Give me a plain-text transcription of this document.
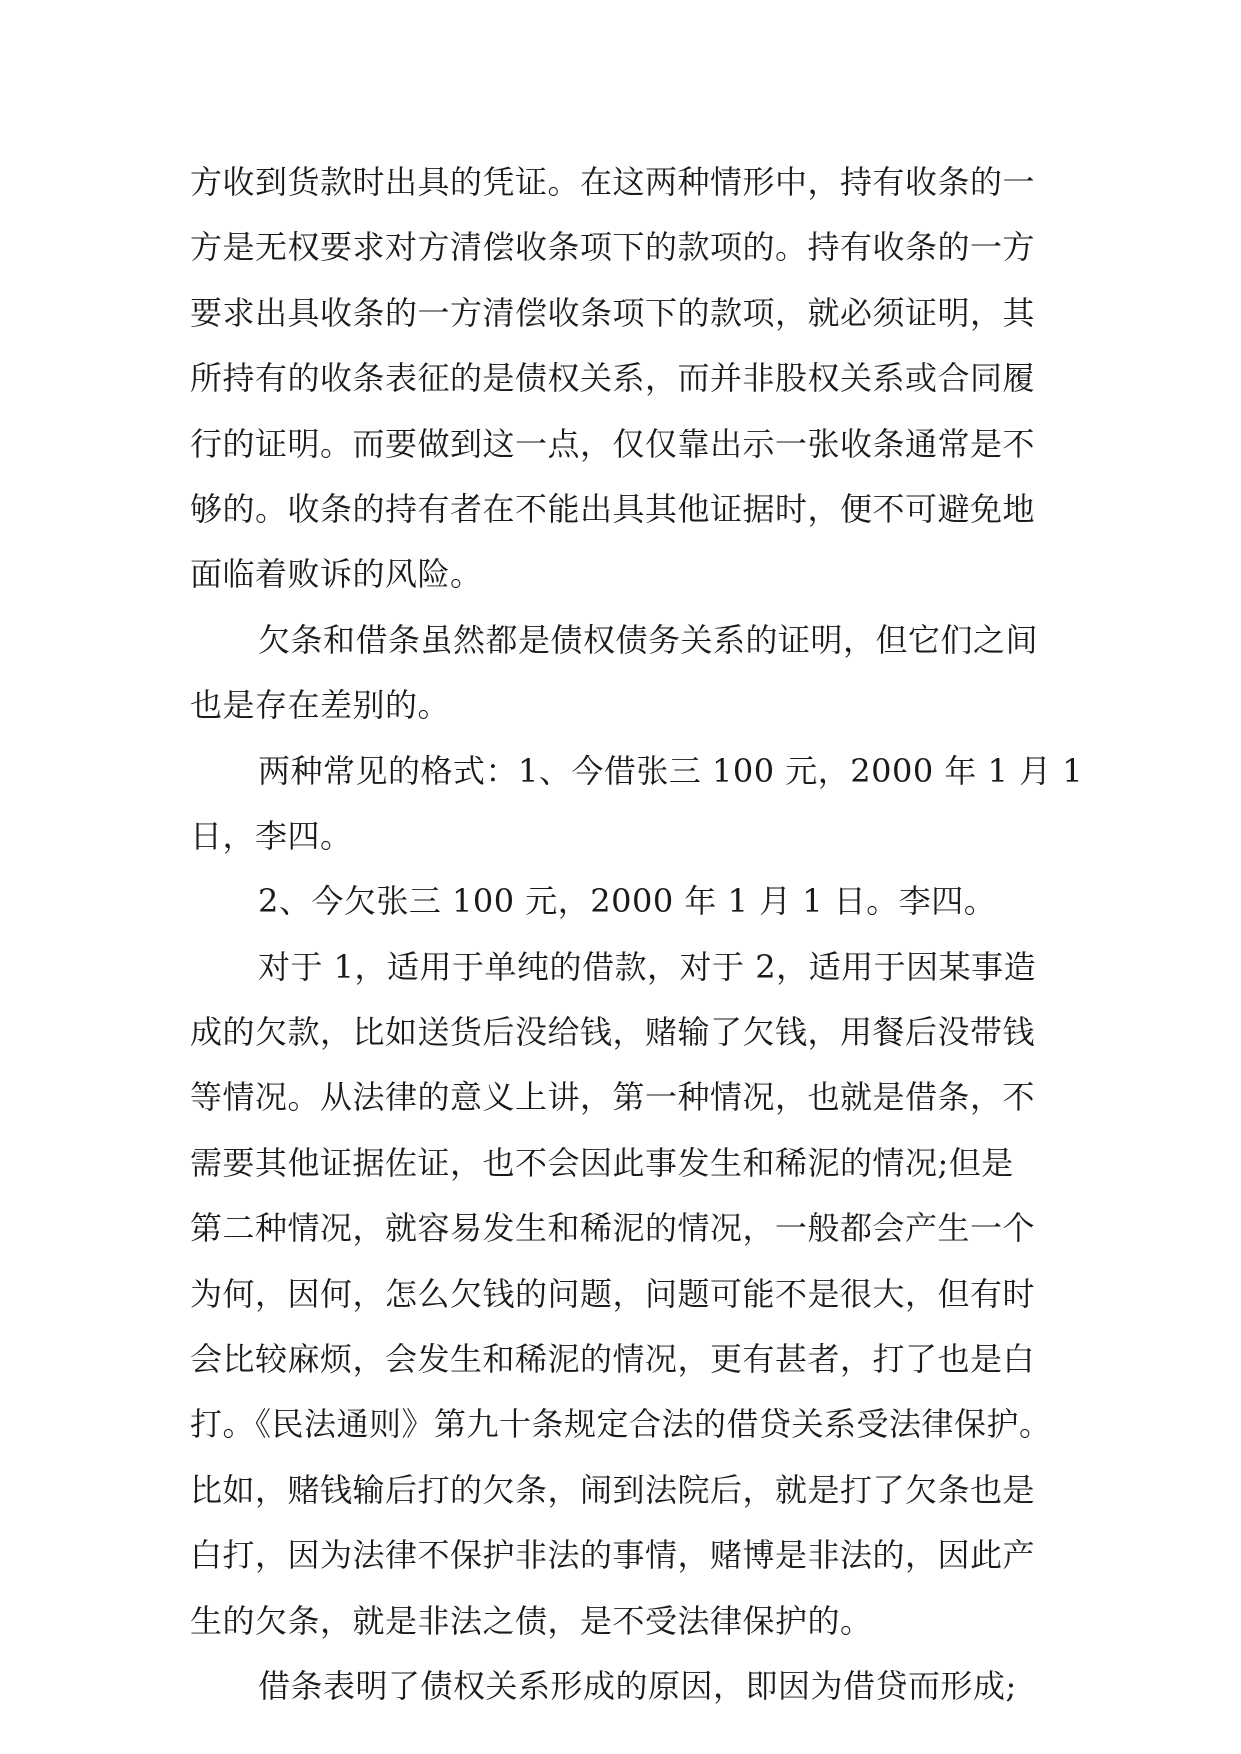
方收到货款时出具的凭证。在这两种情形中，持有收条的一
方是无权要求对方清偿收条项下的款项的。持有收条的一方
要求出具收条的一方清偿收条项下的款项，就必须证明，其
所持有的收条表征的是债权关系，而并非股权关系或合同履
行的证明。而要做到这一点，仅仅靠出示一张收条通常是不
够的。收条的持有者在不能出具其他证据时，便不可避免地
面临着败诉的风险。
欠条和借条虽然都是债权债务关系的证明，但它们之间
也是存在差别的。
两种常见的格式：1、今借张三 100 元，2000 年 1 月 1
日，李四。
2、今欠张三 100 元，2000 年 1 月 1 日。李四。
对于 1，适用于单纯的借款，对于 2，适用于因某事造
成的欠款，比如送货后没给钱，赌输了欠钱，用餐后没带钱
等情况。从法律的意义上讲，第一种情况，也就是借条，不
需要其他证据佐证，也不会因此事发生和稀泥的情况;但是
第二种情况，就容易发生和稀泥的情况，一般都会产生一个
为何，因何，怎么欠钱的问题，问题可能不是很大，但有时
会比较麻烦，会发生和稀泥的情况，更有甚者，打了也是白
打。《民法通则》第九十条规定合法的借贷关系受法律保护。
比如，赌钱输后打的欠条，闹到法院后，就是打了欠条也是
白打，因为法律不保护非法的事情，赌博是非法的，因此产
生的欠条，就是非法之债，是不受法律保护的。
借条表明了债权关系形成的原因，即因为借贷而形成;
